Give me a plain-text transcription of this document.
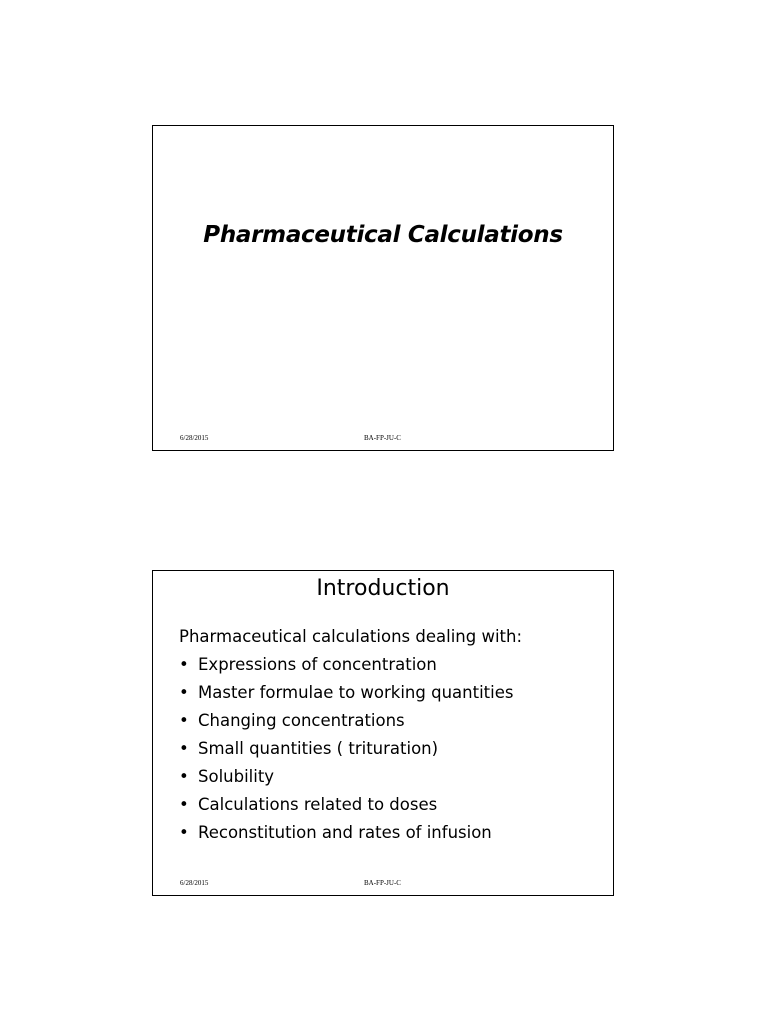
Pharmaceutical Calculations
6/28/2015	BA-FP-JU-C
Introduction
Pharmaceutical calculations dealing with:
• Expressions of concentration
• Master formulae to working quantities
• Changing concentrations
• Small quantities ( trituration)
• Solubility
• Calculations related to doses
• Reconstitution and rates of infusion
6/28/2015	BA-FP-JU-C
